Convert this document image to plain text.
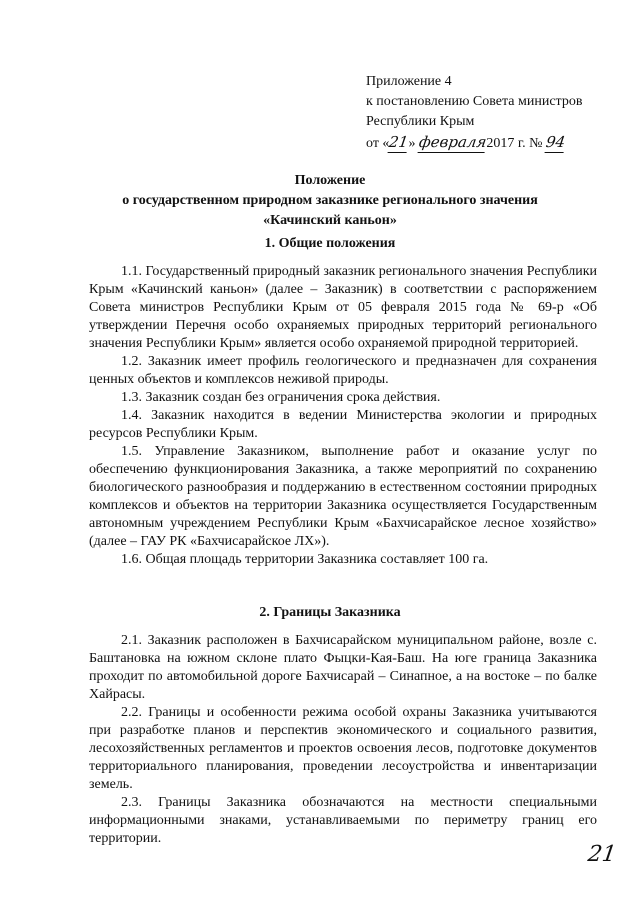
Приложение 4
к постановлению Совета министров
Республики Крым
от «21» февраля2017 г. № 94
Положение
о государственном природном заказнике регионального значения
«Качинский каньон»
1. Общие положения

1.1. Государственный природный заказник регионального значения Республики Крым «Качинский каньон» (далее – Заказник) в соответствии с распоряжением Совета министров Республики Крым от 05 февраля 2015 года № 69-р «Об утверждении Перечня особо охраняемых природных территорий регионального значения Республики Крым» является особо охраняемой природной территорией.

1.2. Заказник имеет профиль геологического и предназначен для сохранения ценных объектов и комплексов неживой природы.

1.3. Заказник создан без ограничения срока действия.

1.4. Заказник находится в ведении Министерства экологии и природных ресурсов Республики Крым.

1.5. Управление Заказником, выполнение работ и оказание услуг по обеспечению функционирования Заказника, а также мероприятий по сохранению биологического разнообразия и поддержанию в естественном состоянии природных комплексов и объектов на территории Заказника осуществляется Государственным автономным учреждением Республики Крым «Бахчисарайское лесное хозяйство» (далее – ГАУ РК «Бахчисарайское ЛХ»).

1.6. Общая площадь территории Заказника составляет 100 га.

2. Границы Заказника

2.1. Заказник расположен в Бахчисарайском муниципальном районе, возле с. Баштановка на южном склоне плато Фыцки-Кая-Баш. На юге граница Заказника проходит по автомобильной дороге Бахчисарай – Синапное, а на востоке – по балке Хайрасы.

2.2. Границы и особенности режима особой охраны Заказника учитываются при разработке планов и перспектив экономического и социального развития, лесохозяйственных регламентов и проектов освоения лесов, подготовке документов территориального планирования, проведении лесоустройства и инвентаризации земель.

2.3. Границы Заказника обозначаются на местности специальными информационными знаками, устанавливаемыми по периметру границ его территории.

21
